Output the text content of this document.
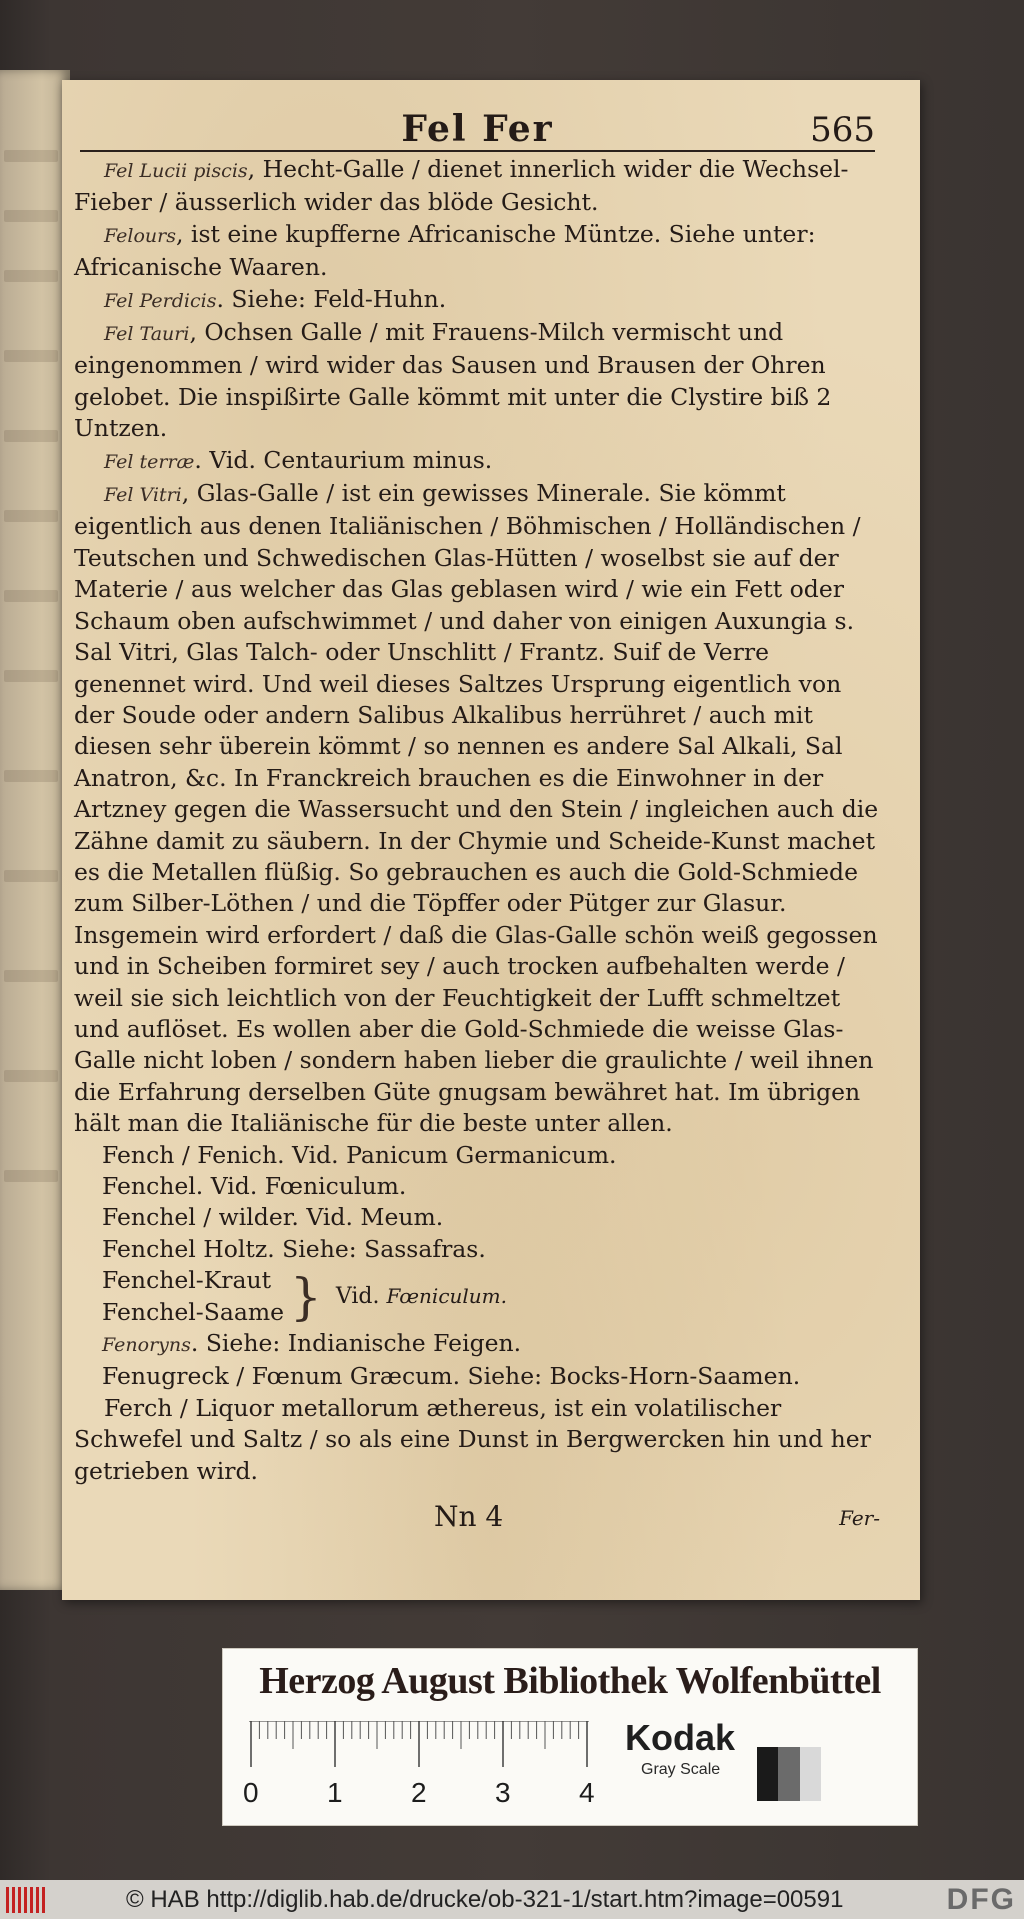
Fel Fer	565

Fel Lucii piscis, Hecht-Galle / dienet innerlich wider die Wechsel-Fieber / äusserlich wider das blöde Gesicht.

Felours, ist eine kupfferne Africanische Müntze. Siehe unter: Africanische Waaren.

Fel Perdicis. Siehe: Feld-Huhn.

Fel Tauri, Ochsen Galle / mit Frauens-Milch vermischt und eingenommen / wird wider das Sausen und Brausen der Ohren gelobet. Die inspißirte Galle kömmt mit unter die Clystire biß 2 Untzen.

Fel terræ. Vid. Centaurium minus.

Fel Vitri, Glas-Galle / ist ein gewisses Minerale. Sie kömmt eigentlich aus denen Italiänischen / Böhmischen / Holländischen / Teutschen und Schwedischen Glas-Hütten / woselbst sie auf der Materie / aus welcher das Glas geblasen wird / wie ein Fett oder Schaum oben aufschwimmet / und daher von einigen Auxungia s. Sal Vitri, Glas Talch- oder Unschlitt / Frantz. Suif de Verre genennet wird. Und weil dieses Saltzes Ursprung eigentlich von der Soude oder andern Salibus Alkalibus herrühret / auch mit diesen sehr überein kömmt / so nennen es andere Sal Alkali, Sal Anatron, &c. In Franckreich brauchen es die Einwohner in der Artzney gegen die Wassersucht und den Stein / ingleichen auch die Zähne damit zu säubern. In der Chymie und Scheide-Kunst machet es die Metallen flüßig. So gebrauchen es auch die Gold-Schmiede zum Silber-Löthen / und die Töpffer oder Pütger zur Glasur. Insgemein wird erfordert / daß die Glas-Galle schön weiß gegossen und in Scheiben formiret sey / auch trocken aufbehalten werde / weil sie sich leichtlich von der Feuchtigkeit der Lufft schmeltzet und auflöset. Es wollen aber die Gold-Schmiede die weisse Glas-Galle nicht loben / sondern haben lieber die graulichte / weil ihnen die Erfahrung derselben Güte gnugsam bewähret hat. Im übrigen hält man die Italiänische für die beste unter allen.

Fench / Fenich. Vid. Panicum Germanicum.

Fenchel. Vid. Fœniculum.

Fenchel / wilder. Vid. Meum.

Fenchel Holtz. Siehe: Sassafras.

Fenchel-Kraut
Fenchel-Saame } Vid. Fœniculum.

Fenoryns. Siehe: Indianische Feigen.

Fenugreck / Fœnum Græcum. Siehe: Bocks-Horn-Saamen.

Ferch / Liquor metallorum æthereus, ist ein volatilischer Schwefel und Saltz / so als eine Dunst in Bergwercken hin und her getrieben wird.

Nn 4	Fer-
Herzog August Bibliothek Wolfenbüttel
0 1 2 3 4
Kodak
Gray Scale
© HAB http://diglib.hab.de/drucke/ob-321-1/start.htm?image=00591	DFG
